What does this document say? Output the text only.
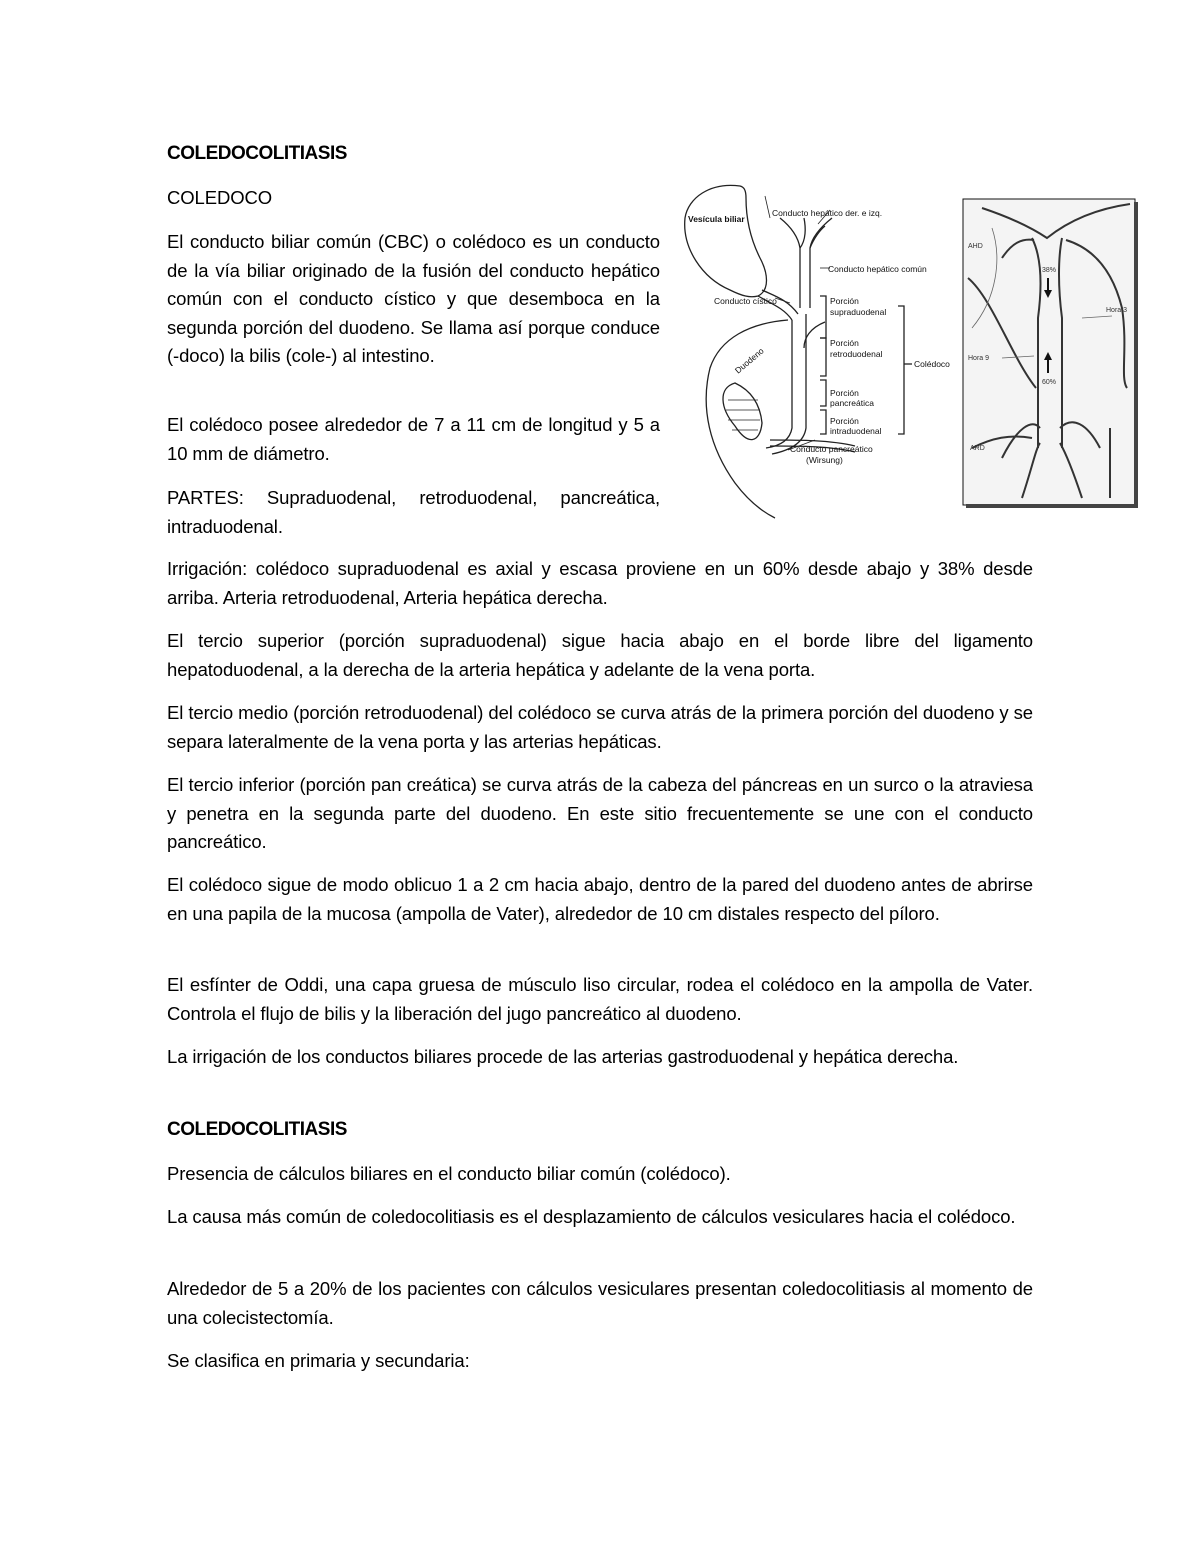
COLEDOCOLITIASIS

COLEDOCO

El conducto biliar común (CBC) o colédoco es un conducto de la vía biliar originado de la fusión del conducto hepático común con el conducto cístico y que desemboca en la segunda porción del duodeno. Se llama así porque conduce (-doco) la bilis (cole-) al intestino.

El colédoco posee alrededor de 7 a 11 cm de longitud y 5 a 10 mm de diámetro.

PARTES: Supraduodenal, retroduodenal, pancreática, intraduodenal.

Irrigación: colédoco supraduodenal es axial y escasa proviene en un 60% desde abajo y 38% desde arriba. Arteria retroduodenal, Arteria hepática derecha.

El tercio superior (porción supraduodenal) sigue hacia abajo en el borde libre del ligamento hepatoduodenal, a la derecha de la arteria hepática y adelante de la vena porta.

El tercio medio (porción retroduodenal) del colédoco se curva atrás de la primera porción del duodeno y se separa lateralmente de la vena porta y las arterias hepáticas.

El tercio inferior (porción pan creática) se curva atrás de la cabeza del páncreas en un surco o la atraviesa y penetra en la segunda parte del duodeno. En este sitio frecuentemente se une con el conducto pancreático.

El colédoco sigue de modo oblicuo 1 a 2 cm hacia abajo, dentro de la pared del duodeno antes de abrirse en una papila de la mucosa (ampolla de Vater), alrededor de 10 cm distales respecto del píloro.

El esfínter de Oddi, una capa gruesa de músculo liso circular, rodea el colédoco en la ampolla de Vater. Controla el flujo de bilis y la liberación del jugo pancreático al duodeno.

La irrigación de los conductos biliares procede de las arterias gastroduodenal y hepática derecha.

COLEDOCOLITIASIS

Presencia de cálculos biliares en el conducto biliar común (colédoco).

La causa más común de coledocolitiasis es el desplazamiento de cálculos vesiculares hacia el colédoco.

Alrededor de 5 a 20% de los pacientes con cálculos vesiculares presentan coledocolitiasis al momento de una colecistectomía.

Se clasifica en primaria y secundaria:

Vesícula biliar
Conducto hepático der. e izq.
Conducto hepático común
Conducto cístico	Porción
supraduodenal
Porción
retroduodenal
Colédoco
Duodeno
Porción
pancreática
Porción
intraduodenal
Conducto pancreático
(Wirsung)
AHD
38%
Hora 3
Hora 9
60%
ARD
